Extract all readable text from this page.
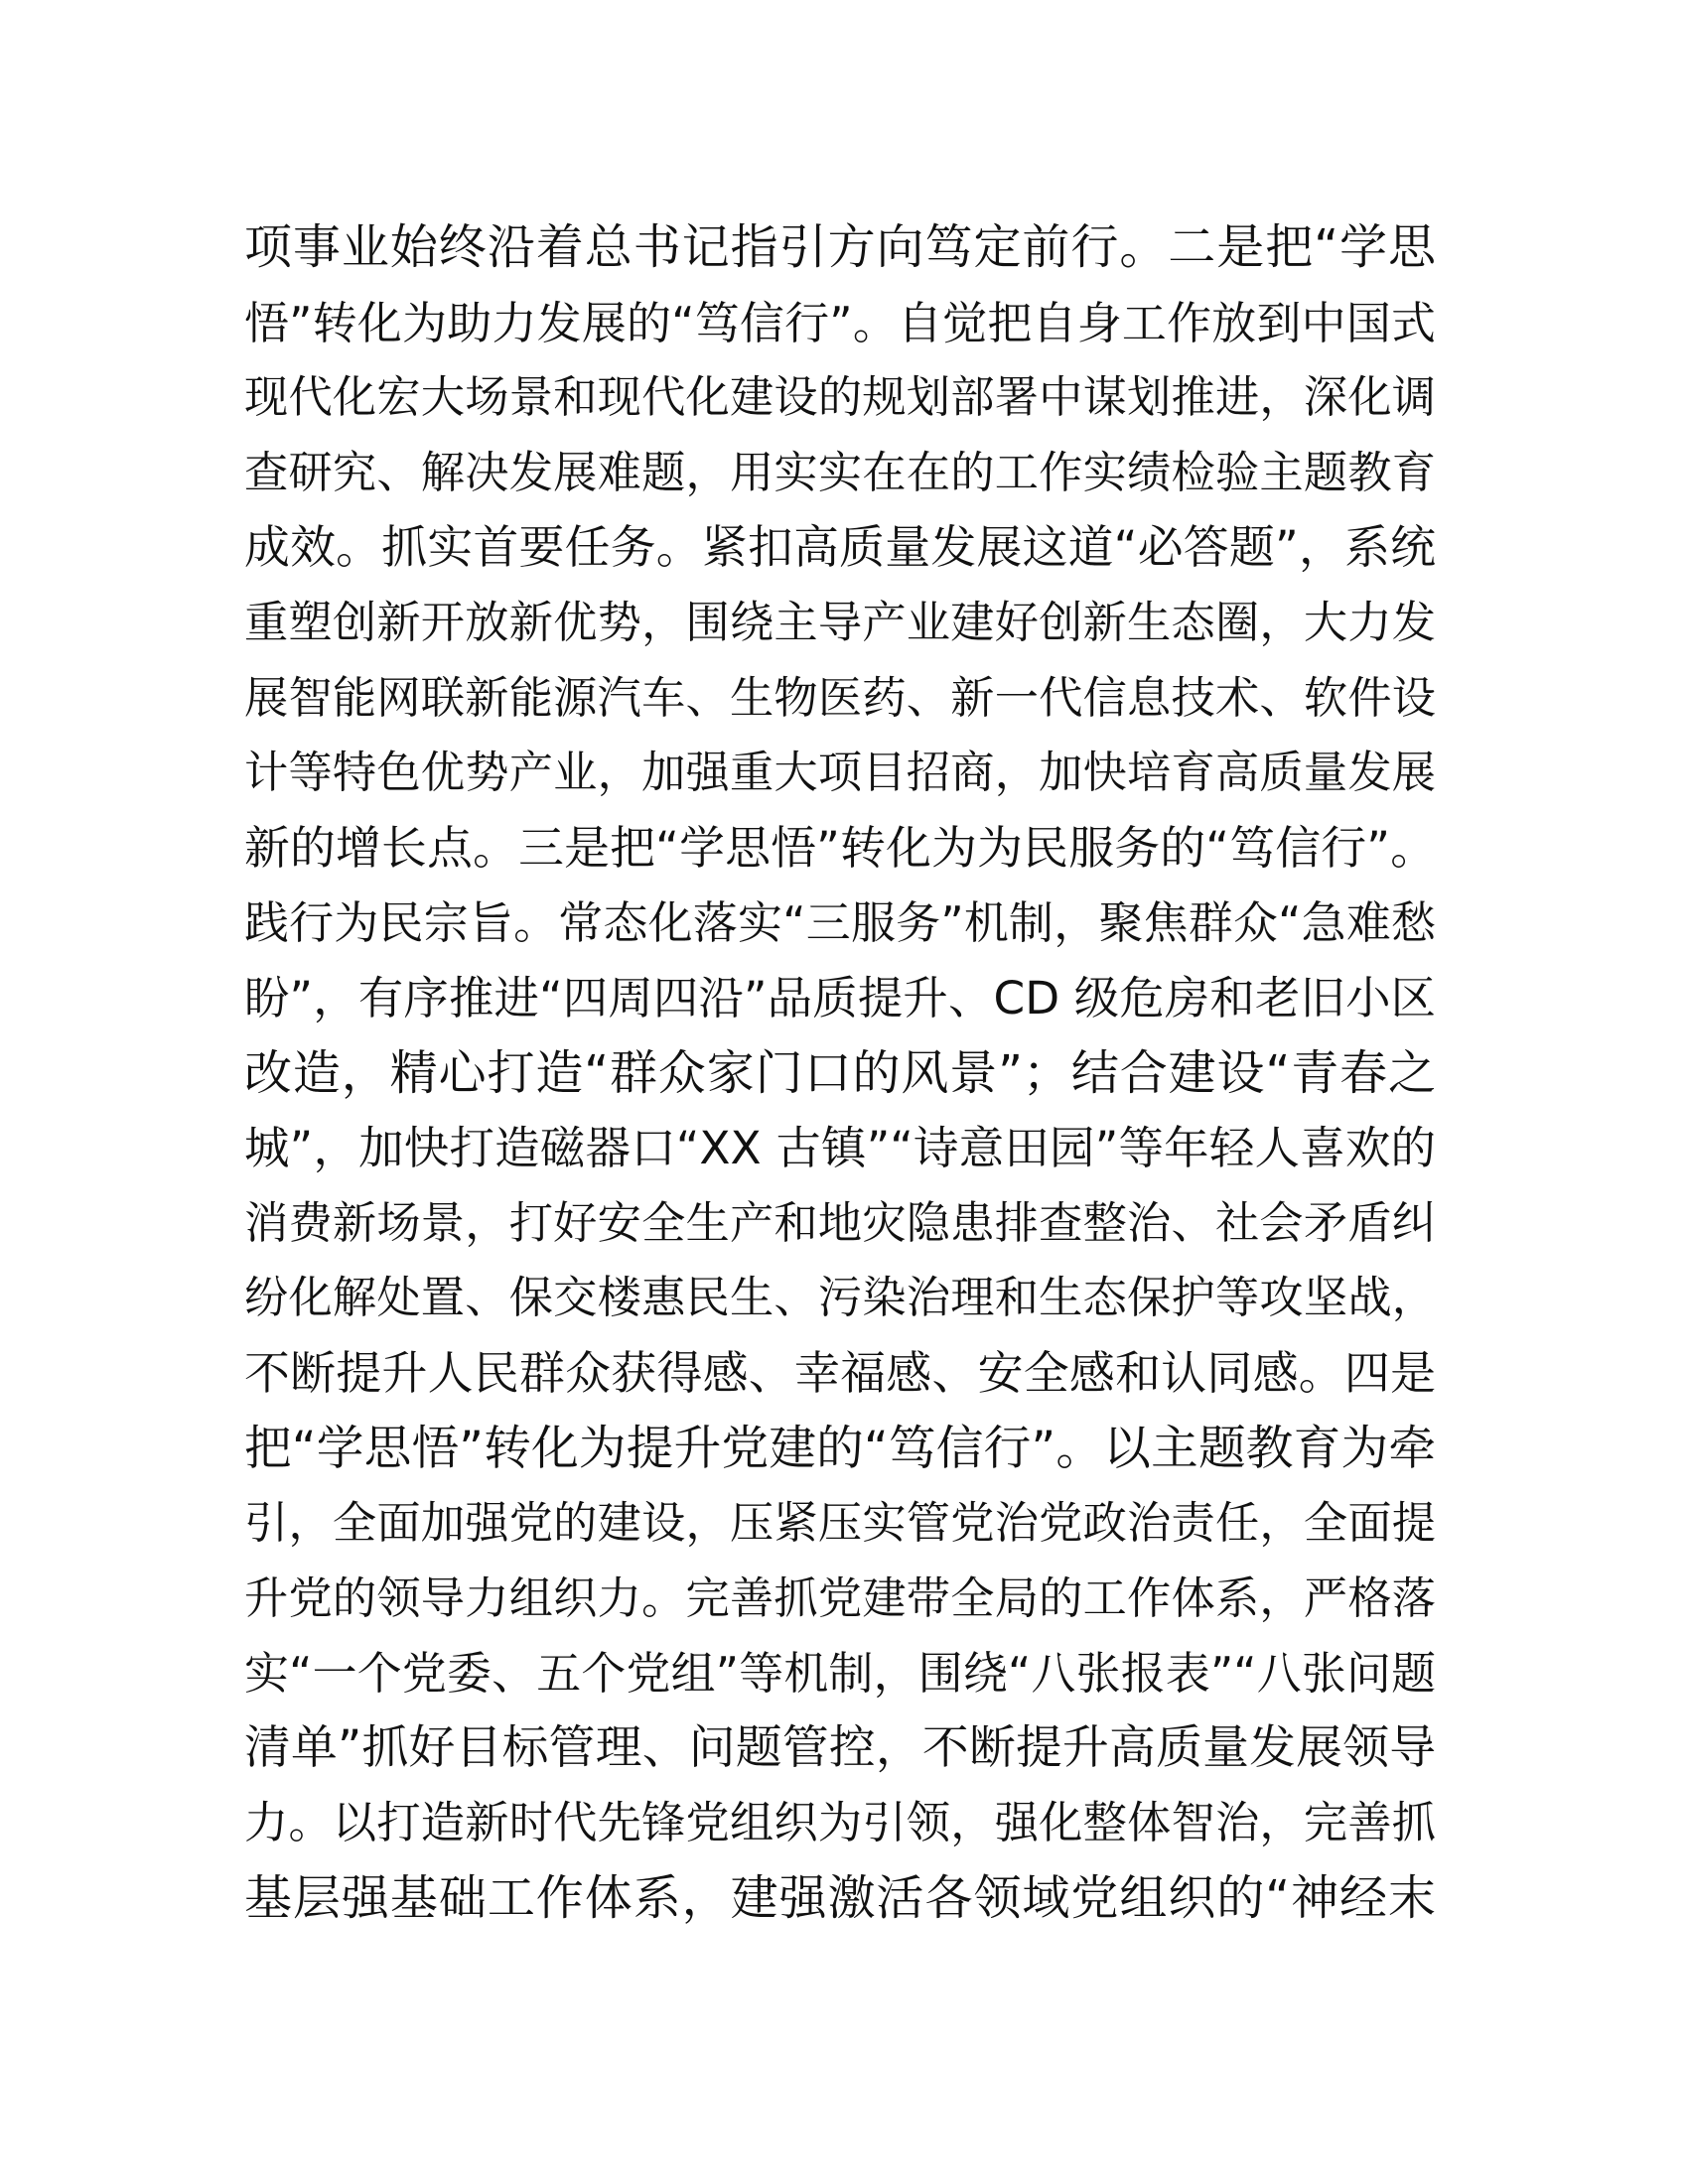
项事业始终沿着总书记指引方向笃定前行。二是把“学思
悟”转化为助力发展的“笃信行”。自觉把自身工作放到中国式
现代化宏大场景和现代化建设的规划部署中谋划推进，深化调
查研究、解决发展难题，用实实在在的工作实绩检验主题教育
成效。抓实首要任务。紧扣高质量发展这道“必答题”，系统
重塑创新开放新优势，围绕主导产业建好创新生态圈，大力发
展智能网联新能源汽车、生物医药、新一代信息技术、软件设
计等特色优势产业，加强重大项目招商，加快培育高质量发展
新的增长点。三是把“学思悟”转化为为民服务的“笃信行”。
践行为民宗旨。常态化落实“三服务”机制，聚焦群众“急难愁
盼”，有序推进“四周四沿”品质提升、CD 级危房和老旧小区
改造，精心打造“群众家门口的风景”；结合建设“青春之
城”，加快打造磁器口“XX 古镇”“诗意田园”等年轻人喜欢的
消费新场景，打好安全生产和地灾隐患排查整治、社会矛盾纠
纷化解处置、保交楼惠民生、污染治理和生态保护等攻坚战，
不断提升人民群众获得感、幸福感、安全感和认同感。四是
把“学思悟”转化为提升党建的“笃信行”。以主题教育为牵
引，全面加强党的建设，压紧压实管党治党政治责任，全面提
升党的领导力组织力。完善抓党建带全局的工作体系，严格落
实“一个党委、五个党组”等机制，围绕“八张报表”“八张问题
清单”抓好目标管理、问题管控，不断提升高质量发展领导
力。以打造新时代先锋党组织为引领，强化整体智治，完善抓
基层强基础工作体系，建强激活各领域党组织的“神经末
